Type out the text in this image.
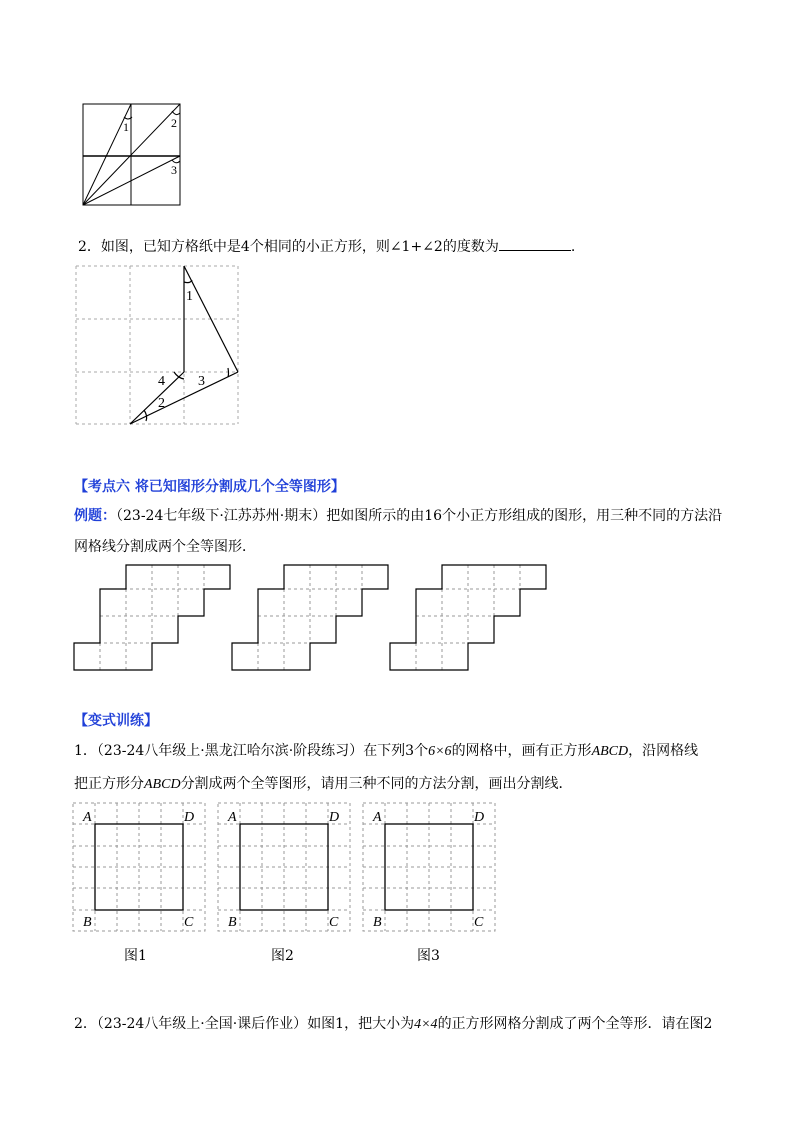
1	2
3
2．如图，已知方格纸中是4个相同的小正方形，则∠1+∠2的度数为	.
1
2
3
4
【考点六 将已知图形分割成几个全等图形】
例题：（23-24七年级下·江苏苏州·期末）把如图所示的由16个小正方形组成的图形，用三种不同的方法沿
网格线分割成两个全等图形．
【变式训练】
1．（23-24八年级上·黑龙江哈尔滨·阶段练习）在下列3个6×6的网格中，画有正方形ABCD，沿网格线
把正方形分ABCD分割成两个全等图形，请用三种不同的方法分割，画出分割线．
A	D
B	C
A	D
B	C
A	D
B	C
图1	图2	图3
2．（23-24八年级上·全国·课后作业）如图1，把大小为4×4的正方形网格分割成了两个全等形．请在图2
